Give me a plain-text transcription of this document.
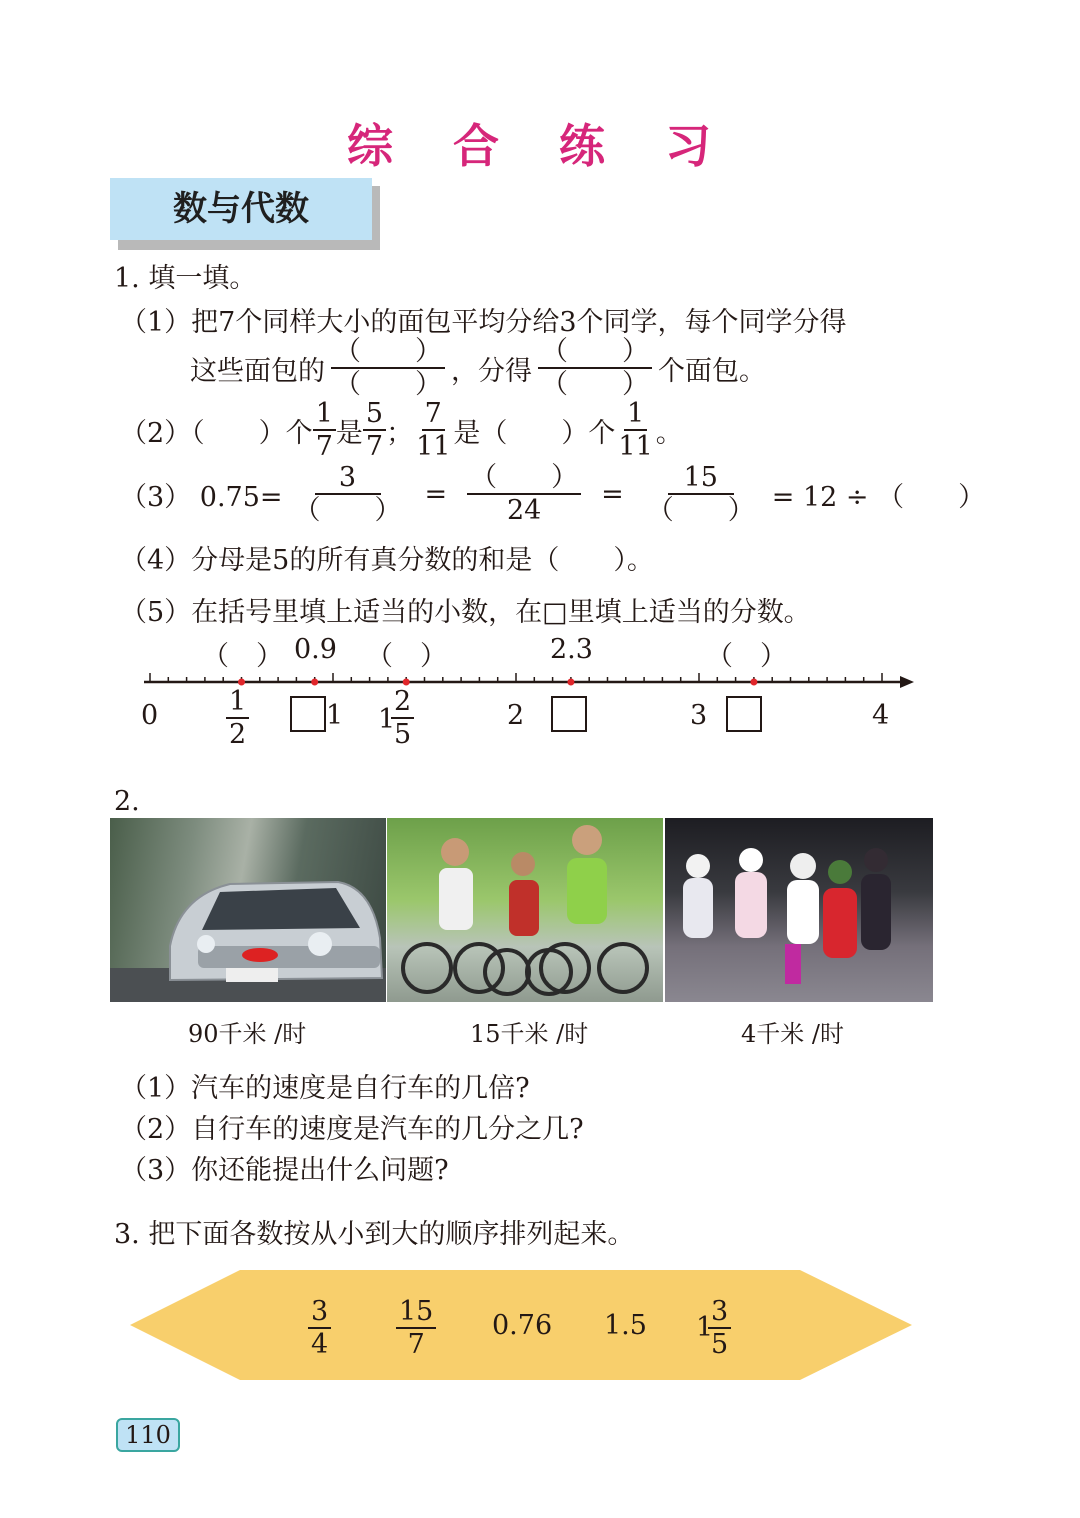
综 合 练 习
数与代数
1. 填一填。
（1）把7个同样大小的面包平均分给3个同学，每个同学分得
这些面包的 $\frac{( )}{( )}$ ，分得 $\frac{( )}{( )}$ 个面包。
（2）（　　）个 $\frac{1}{7}$ 是 $\frac{5}{7}$ ； $\frac{7}{11}$ 是（　　）个 $\frac{1}{11}$ 。
（3） $0.75= \frac{3}{( )} = \frac{( )}{24} = \frac{15}{( )} = 12$ ÷ （　　）
（4）分母是5的所有真分数的和是（　　）。
（5）在括号里填上适当的小数，在□里填上适当的分数。
（　） 0.9 （　）	2.3	（　）
0	$\frac{1}{2}$	1 1
$\frac{2}{5}$	2	3	4
2.
90千米 /时	15千米 /时	4千米 /时
（1）汽车的速度是自行车的几倍?
（2）自行车的速度是汽车的几分之几?
（3）你还能提出什么问题?
3. 把下面各数按从小到大的顺序排列起来。
$\frac{3}{4} \frac{15}{7} 0.76$ 1.5 1
$\frac{3}{5}$
110
